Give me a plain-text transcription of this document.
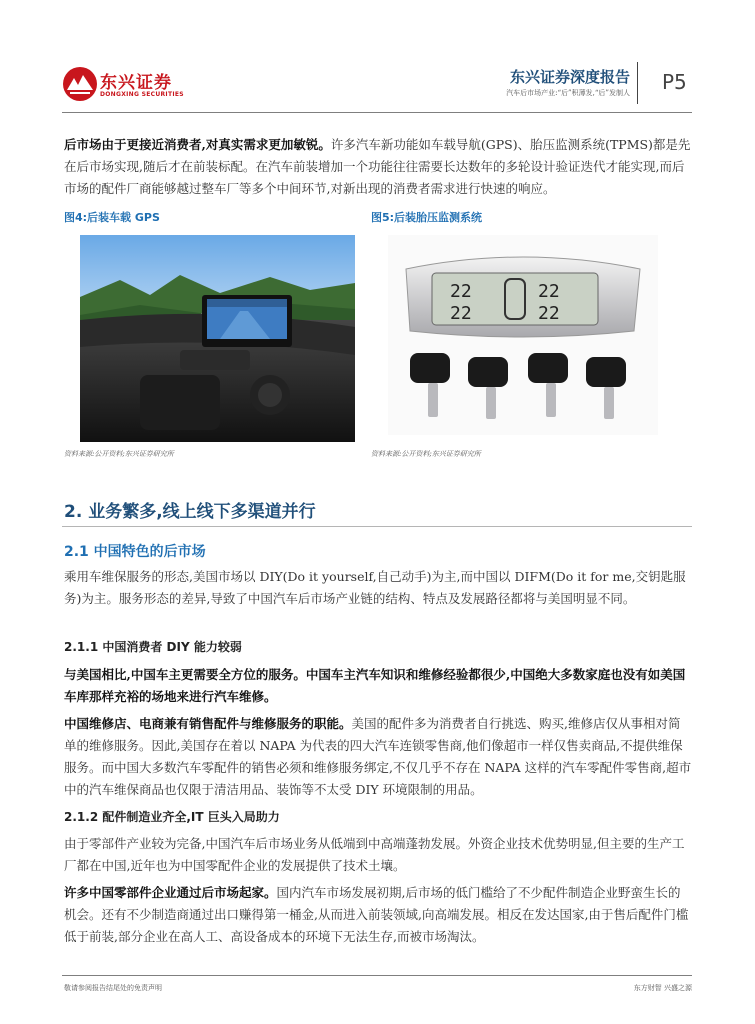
东兴证券
DONGXING SECURITIES
东兴证券深度报告
汽车后市场产业:“后”积薄发,“后”发制人 P5
后市场由于更接近消费者,对真实需求更加敏锐。许多汽车新功能如车载导航(GPS)、胎压监测系统(TPMS)都是先在后市场实现,随后才在前装标配。在汽车前装增加一个功能往往需要长达数年的多轮设计验证迭代才能实现,而后市场的配件厂商能够越过整车厂等多个中间环节,对新出现的消费者需求进行快速的响应。
图4:后装车载 GPS	图5:后装胎压监测系统
22
22
22
22
资料来源:公开资料;东兴证券研究所	资料来源:公开资料;东兴证券研究所
2. 业务繁多,线上线下多渠道并行
2.1 中国特色的后市场
乘用车维保服务的形态,美国市场以 DIY(Do it yourself,自己动手)为主,而中国以 DIFM(Do it for me,交钥匙服务)为主。服务形态的差异,导致了中国汽车后市场产业链的结构、特点及发展路径都将与美国明显不同。
2.1.1 中国消费者 DIY 能力较弱
与美国相比,中国车主更需要全方位的服务。中国车主汽车知识和维修经验都很少,中国绝大多数家庭也没有如美国车库那样充裕的场地来进行汽车维修。
中国维修店、电商兼有销售配件与维修服务的职能。美国的配件多为消费者自行挑选、购买,维修店仅从事相对简单的维修服务。因此,美国存在着以 NAPA 为代表的四大汽车连锁零售商,他们像超市一样仅售卖商品,不提供维保服务。而中国大多数汽车零配件的销售必须和维修服务绑定,不仅几乎不存在 NAPA 这样的汽车零配件零售商,超市中的汽车维保商品也仅限于清洁用品、装饰等不太受 DIY 环境限制的用品。
2.1.2 配件制造业齐全,IT 巨头入局助力
由于零部件产业较为完备,中国汽车后市场业务从低端到中高端蓬勃发展。外资企业技术优势明显,但主要的生产工厂都在中国,近年也为中国零配件企业的发展提供了技术土壤。
许多中国零部件企业通过后市场起家。国内汽车市场发展初期,后市场的低门槛给了不少配件制造企业野蛮生长的机会。还有不少制造商通过出口赚得第一桶金,从而进入前装领域,向高端发展。相反在发达国家,由于售后配件门槛低于前装,部分企业在高人工、高设备成本的环境下无法生存,而被市场淘汰。
敬请参阅报告结尾处的免责声明	东方财智 兴盛之源
